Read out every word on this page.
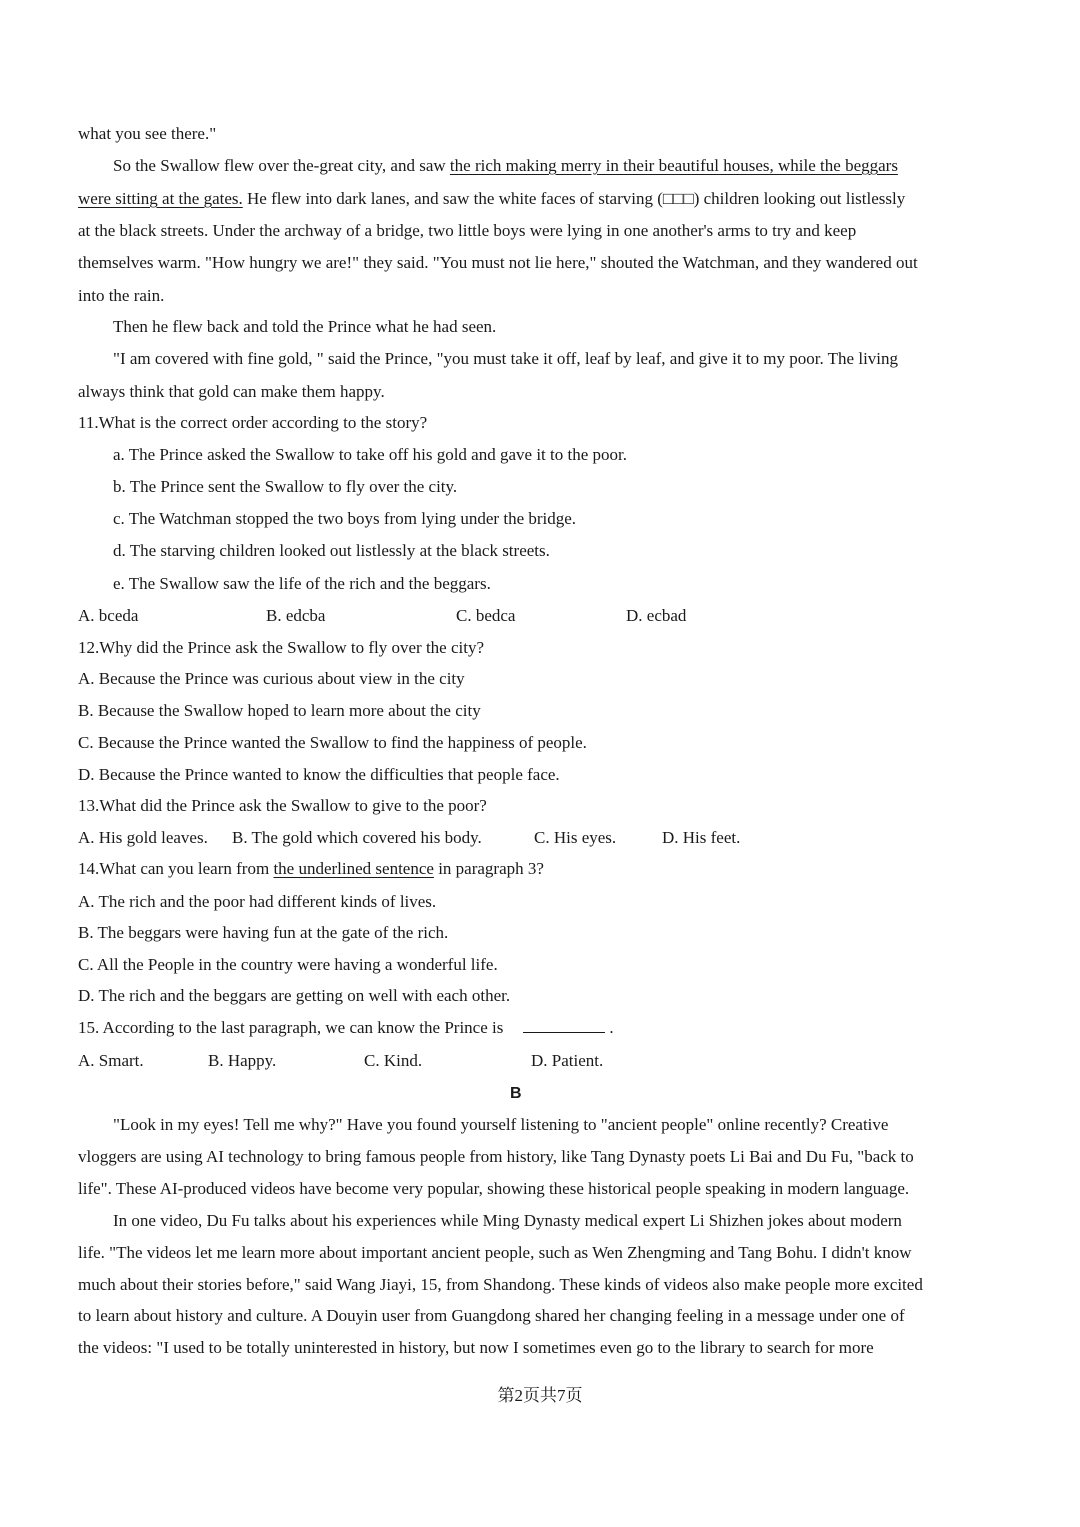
what you see there."
So the Swallow flew over the-great city, and saw the rich making merry in their beautiful houses, while the beggars
were sitting at the gates. He flew into dark lanes, and saw the white faces of starving (□□□) children looking out listlessly
at the black streets. Under the archway of a bridge, two little boys were lying in one another's arms to try and keep
themselves warm. "How hungry we are!" they said. "You must not lie here," shouted the Watchman, and they wandered out
into the rain.
Then he flew back and told the Prince what he had seen.
"I am covered with fine gold, " said the Prince, "you must take it off, leaf by leaf, and give it to my poor. The living
always think that gold can make them happy.
11.What is the correct order according to the story?
a. The Prince asked the Swallow to take off his gold and gave it to the poor.
b. The Prince sent the Swallow to fly over the city.
c. The Watchman stopped the two boys from lying under the bridge.
d. The starving children looked out listlessly at the black streets.
e. The Swallow saw the life of the rich and the beggars.
A. bceda	B. edcba	C. bedca	D. ecbad
12.Why did the Prince ask the Swallow to fly over the city?
A. Because the Prince was curious about view in the city
B. Because the Swallow hoped to learn more about the city
C. Because the Prince wanted the Swallow to find the happiness of people.
D. Because the Prince wanted to know the difficulties that people face.
13.What did the Prince ask the Swallow to give to the poor?
A. His gold leaves. B. The gold which covered his body.	C. His eyes.	D. His feet.
14.What can you learn from the underlined sentence in paragraph 3?
A. The rich and the poor had different kinds of lives.
B. The beggars were having fun at the gate of the rich.
C. All the People in the country were having a wonderful life.
D. The rich and the beggars are getting on well with each other.
15. According to the last paragraph, we can know the Prince is	.
A. Smart.	B. Happy.	C. Kind.	D. Patient.
B
"Look in my eyes! Tell me why?" Have you found yourself listening to "ancient people" online recently? Creative
vloggers are using AI technology to bring famous people from history, like Tang Dynasty poets Li Bai and Du Fu, "back to
life". These AI-produced videos have become very popular, showing these historical people speaking in modern language.
In one video, Du Fu talks about his experiences while Ming Dynasty medical expert Li Shizhen jokes about modern
life. "The videos let me learn more about important ancient people, such as Wen Zhengming and Tang Bohu. I didn't know
much about their stories before," said Wang Jiayi, 15, from Shandong. These kinds of videos also make people more excited
to learn about history and culture. A Douyin user from Guangdong shared her changing feeling in a message under one of
the videos: "I used to be totally uninterested in history, but now I sometimes even go to the library to search for more
第2页共7页
